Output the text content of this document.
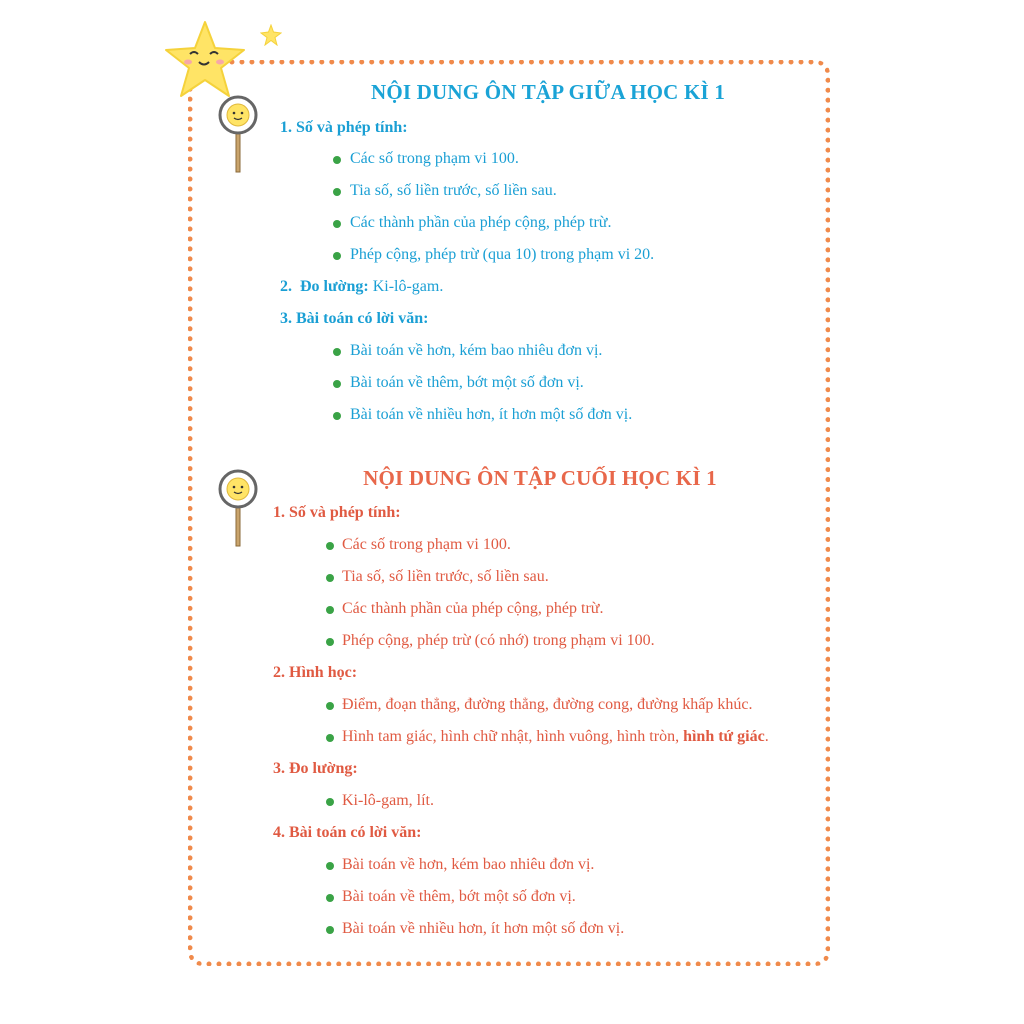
NỘI DUNG ÔN TẬP GIỮA HỌC KÌ 1
1. Số và phép tính:
Các số trong phạm vi 100.
Tia số, số liền trước, số liền sau.
Các thành phần của phép cộng, phép trừ.
Phép cộng, phép trừ (qua 10) trong phạm vi 20.
2. Đo lường: Ki-lô-gam.
3. Bài toán có lời văn:
Bài toán về hơn, kém bao nhiêu đơn vị.
Bài toán về thêm, bớt một số đơn vị.
Bài toán về nhiều hơn, ít hơn một số đơn vị.
NỘI DUNG ÔN TẬP CUỐI HỌC KÌ 1
1. Số và phép tính:
Các số trong phạm vi 100.
Tia số, số liền trước, số liền sau.
Các thành phần của phép cộng, phép trừ.
Phép cộng, phép trừ (có nhớ) trong phạm vi 100.
2. Hình học:
Điểm, đoạn thẳng, đường thẳng, đường cong, đường khấp khúc.
Hình tam giác, hình chữ nhật, hình vuông, hình tròn, hình tứ giác.
3. Đo lường:
Ki-lô-gam, lít.
4. Bài toán có lời văn:
Bài toán về hơn, kém bao nhiêu đơn vị.
Bài toán về thêm, bớt một số đơn vị.
Bài toán về nhiều hơn, ít hơn một số đơn vị.
